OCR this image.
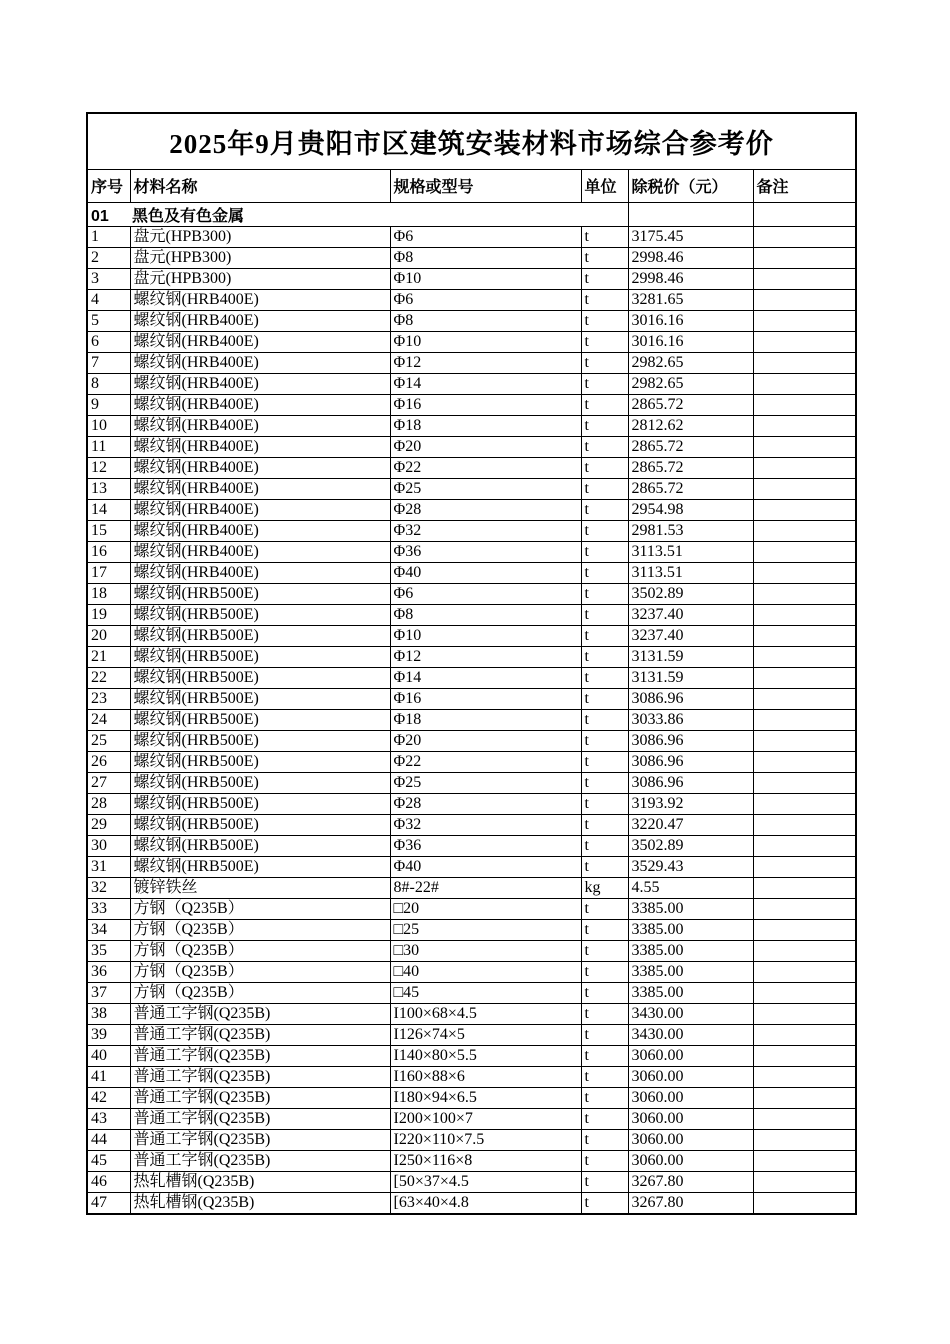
2025年9月贵阳市区建筑安装材料市场综合参考价					
序号	材料名称	规格或型号	单位	除税价（元）	备注
01 黑色及有色金属					
1	盘元(HPB300)	Φ6	t	3175.45	
2	盘元(HPB300)	Φ8	t	2998.46	
3	盘元(HPB300)	Φ10	t	2998.46	
4	螺纹钢(HRB400E)	Φ6	t	3281.65	
5	螺纹钢(HRB400E)	Φ8	t	3016.16	
6	螺纹钢(HRB400E)	Φ10	t	3016.16	
7	螺纹钢(HRB400E)	Φ12	t	2982.65	
8	螺纹钢(HRB400E)	Φ14	t	2982.65	
9	螺纹钢(HRB400E)	Φ16	t	2865.72	
10	螺纹钢(HRB400E)	Φ18	t	2812.62	
11	螺纹钢(HRB400E)	Φ20	t	2865.72	
12	螺纹钢(HRB400E)	Φ22	t	2865.72	
13	螺纹钢(HRB400E)	Φ25	t	2865.72	
14	螺纹钢(HRB400E)	Φ28	t	2954.98	
15	螺纹钢(HRB400E)	Φ32	t	2981.53	
16	螺纹钢(HRB400E)	Φ36	t	3113.51	
17	螺纹钢(HRB400E)	Φ40	t	3113.51	
18	螺纹钢(HRB500E)	Φ6	t	3502.89	
19	螺纹钢(HRB500E)	Φ8	t	3237.40	
20	螺纹钢(HRB500E)	Φ10	t	3237.40	
21	螺纹钢(HRB500E)	Φ12	t	3131.59	
22	螺纹钢(HRB500E)	Φ14	t	3131.59	
23	螺纹钢(HRB500E)	Φ16	t	3086.96	
24	螺纹钢(HRB500E)	Φ18	t	3033.86	
25	螺纹钢(HRB500E)	Φ20	t	3086.96	
26	螺纹钢(HRB500E)	Φ22	t	3086.96	
27	螺纹钢(HRB500E)	Φ25	t	3086.96	
28	螺纹钢(HRB500E)	Φ28	t	3193.92	
29	螺纹钢(HRB500E)	Φ32	t	3220.47	
30	螺纹钢(HRB500E)	Φ36	t	3502.89	
31	螺纹钢(HRB500E)	Φ40	t	3529.43	
32	镀锌铁丝	8#-22#	kg	4.55	
33	方钢（Q235B）	□20	t	3385.00	
34	方钢（Q235B）	□25	t	3385.00	
35	方钢（Q235B）	□30	t	3385.00	
36	方钢（Q235B）	□40	t	3385.00	
37	方钢（Q235B）	□45	t	3385.00	
38	普通工字钢(Q235B)	I100×68×4.5	t	3430.00	
39	普通工字钢(Q235B)	I126×74×5	t	3430.00	
40	普通工字钢(Q235B)	I140×80×5.5	t	3060.00	
41	普通工字钢(Q235B)	I160×88×6	t	3060.00	
42	普通工字钢(Q235B)	I180×94×6.5	t	3060.00	
43	普通工字钢(Q235B)	I200×100×7	t	3060.00	
44	普通工字钢(Q235B)	I220×110×7.5	t	3060.00	
45	普通工字钢(Q235B)	I250×116×8	t	3060.00	
46	热轧槽钢(Q235B)	[50×37×4.5	t	3267.80	
47	热轧槽钢(Q235B)	[63×40×4.8	t	3267.80	
